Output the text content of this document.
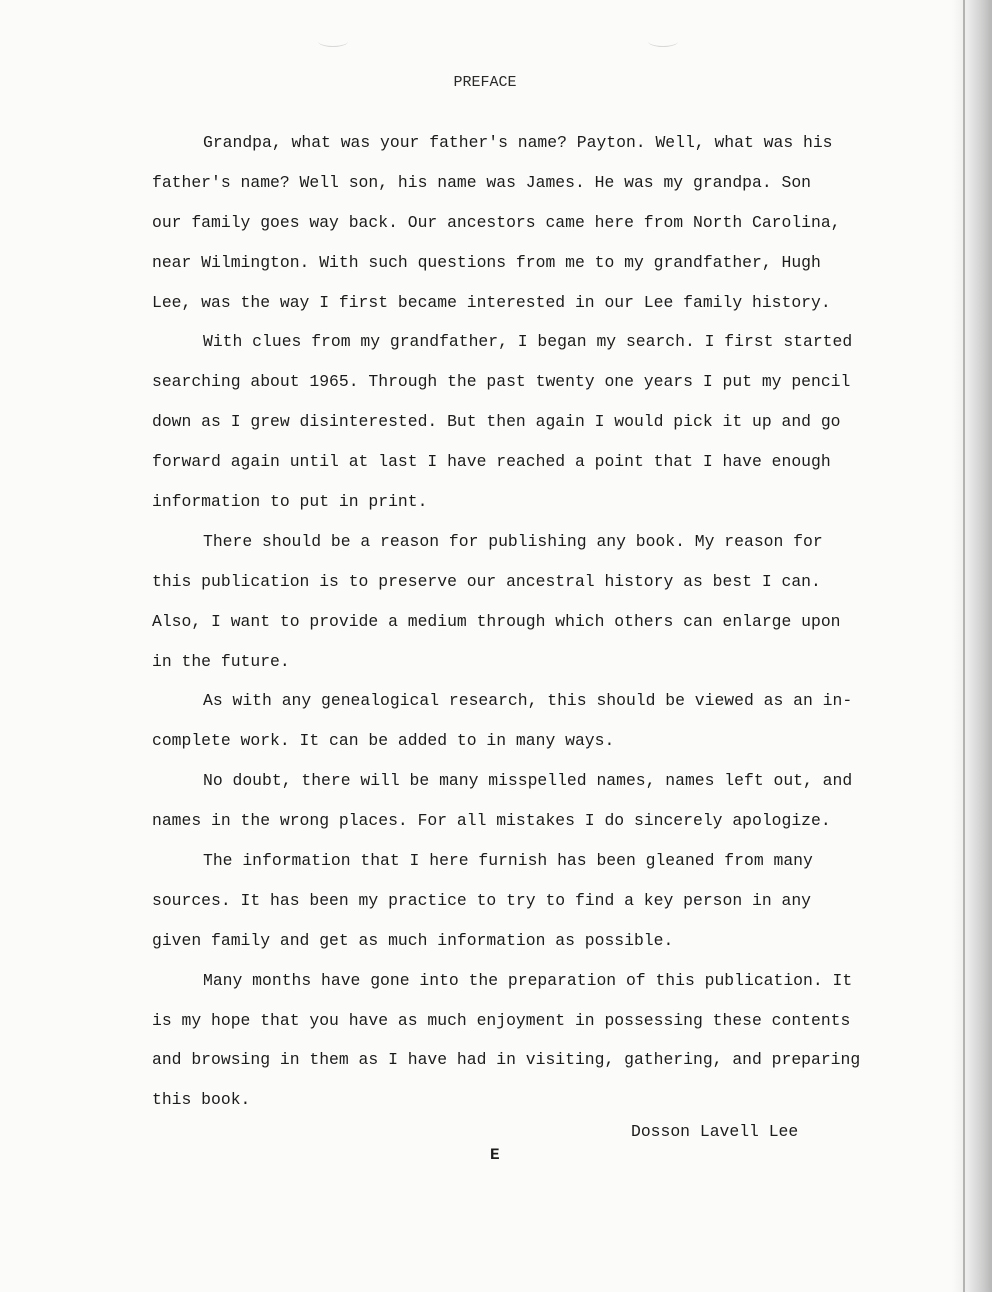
PREFACE
Grandpa, what was your father's name? Payton. Well, what was his
father's name? Well son, his name was James. He was my grandpa. Son
our family goes way back. Our ancestors came here from North Carolina,
near Wilmington. With such questions from me to my grandfather, Hugh
Lee, was the way I first became interested in our Lee family history.
With clues from my grandfather, I began my search. I first started
searching about 1965. Through the past twenty one years I put my pencil
down as I grew disinterested. But then again I would pick it up and go
forward again until at last I have reached a point that I have enough
information to put in print.
There should be a reason for publishing any book. My reason for
this publication is to preserve our ancestral history as best I can.
Also, I want to provide a medium through which others can enlarge upon
in the future.
As with any genealogical research, this should be viewed as an in-
complete work. It can be added to in many ways.
No doubt, there will be many misspelled names, names left out, and
names in the wrong places. For all mistakes I do sincerely apologize.
The information that I here furnish has been gleaned from many
sources. It has been my practice to try to find a key person in any
given family and get as much information as possible.
Many months have gone into the preparation of this publication. It
is my hope that you have as much enjoyment in possessing these contents
and browsing in them as I have had in visiting, gathering, and preparing
this book.
Dosson Lavell Lee
E
